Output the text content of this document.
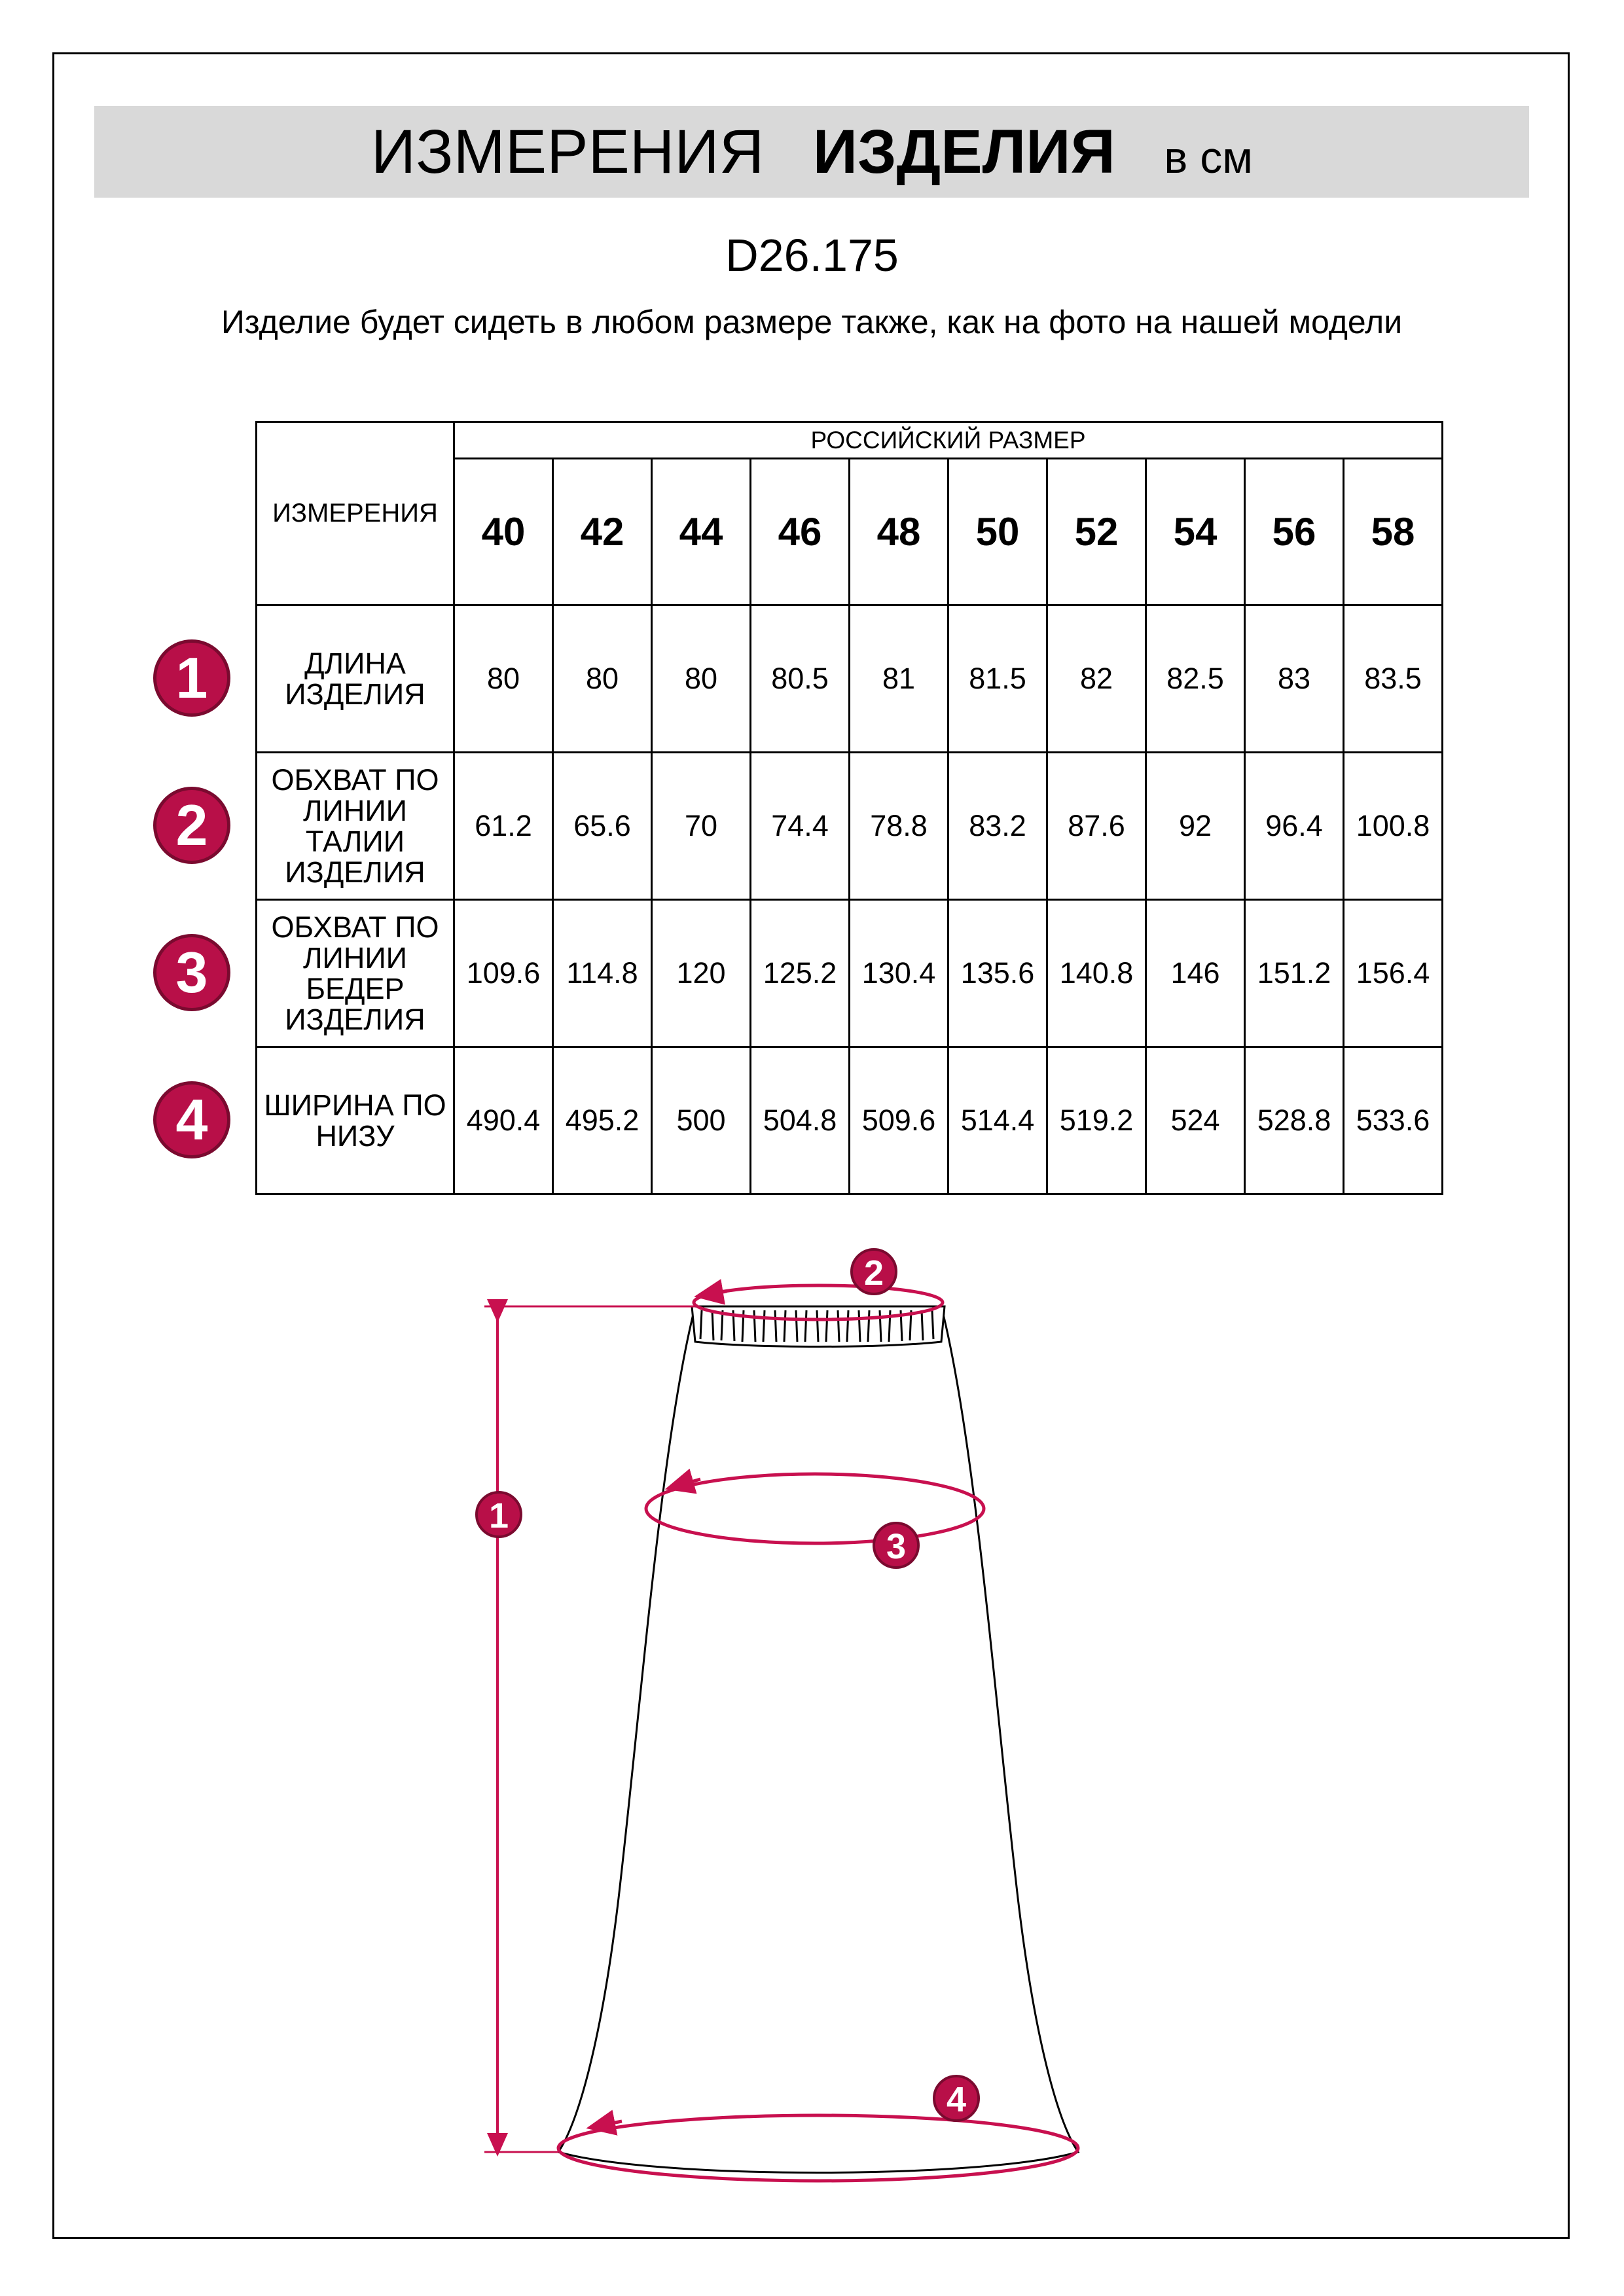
ИЗМЕРЕНИЯ ИЗДЕЛИЯ в см
D26.175
Изделие будет сидеть в любом размере также, как на фото на нашей модели
ИЗМЕРЕНИЯ	РОССИЙСКИЙ РАЗМЕР									
	40	42	44	46	48	50	52	54	56	58
ДЛИНА ИЗДЕЛИЯ	80	80	80	80.5	81	81.5	82	82.5	83	83.5
ОБХВАТ ПО ЛИНИИ ТАЛИИ ИЗДЕЛИЯ	61.2	65.6	70	74.4	78.8	83.2	87.6	92	96.4	100.8
ОБХВАТ ПО ЛИНИИ БЕДЕР ИЗДЕЛИЯ	109.6	114.8	120	125.2	130.4	135.6	140.8	146	151.2	156.4
ШИРИНА ПО НИЗУ	490.4	495.2	500	504.8	509.6	514.4	519.2	524	528.8	533.6
1
2
3
4
1
2
3
4
